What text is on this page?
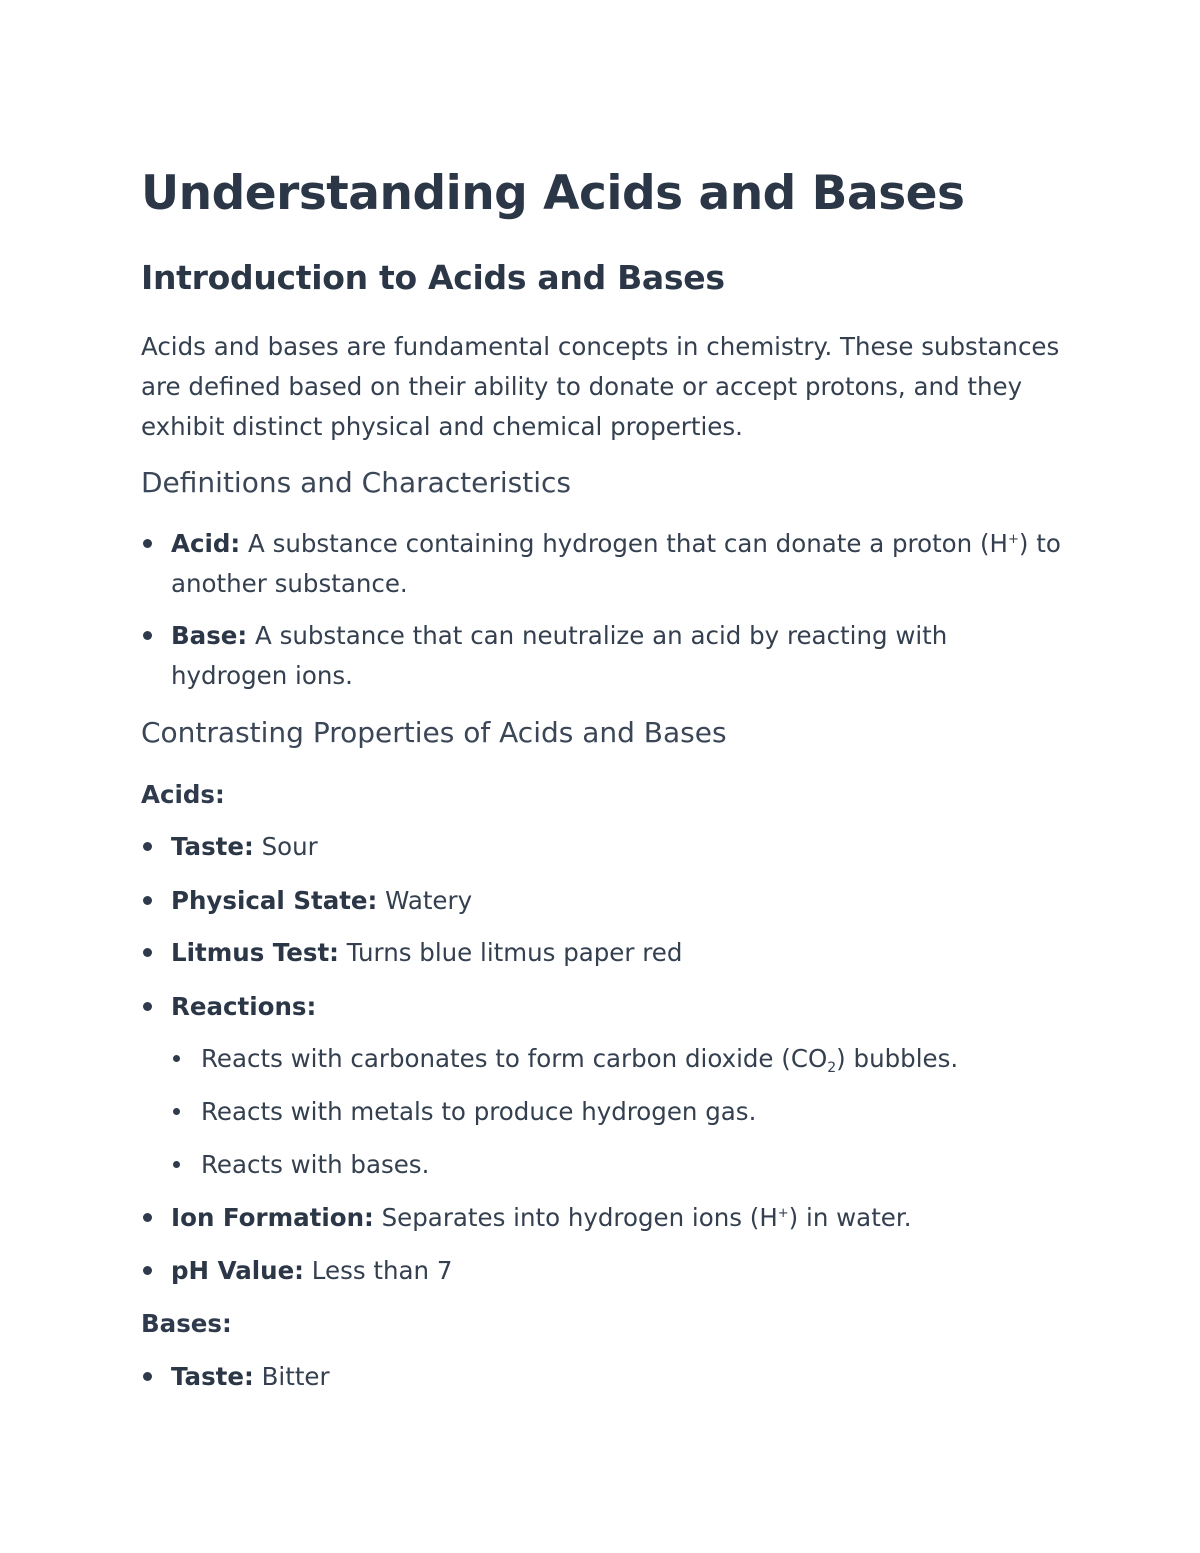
Understanding Acids and Bases
Introduction to Acids and Bases

Acids and bases are fundamental concepts in chemistry. These substances are defined based on their ability to donate or accept protons, and they exhibit distinct physical and chemical properties.

Definitions and Characteristics
Acid: A substance containing hydrogen that can donate a proton (H+) to another substance.
Base: A substance that can neutralize an acid by reacting with hydrogen ions.
Contrasting Properties of Acids and Bases

Acids:

Taste: Sour
Physical State: Watery
Litmus Test: Turns blue litmus paper red
Reactions:
Reacts with carbonates to form carbon dioxide $(CO_2)$ bubbles.
Reacts with metals to produce hydrogen gas.
Reacts with bases.
Ion Formation: Separates into hydrogen ions (H+) in water.
pH Value: Less than 7

Bases:

Taste: Bitter
